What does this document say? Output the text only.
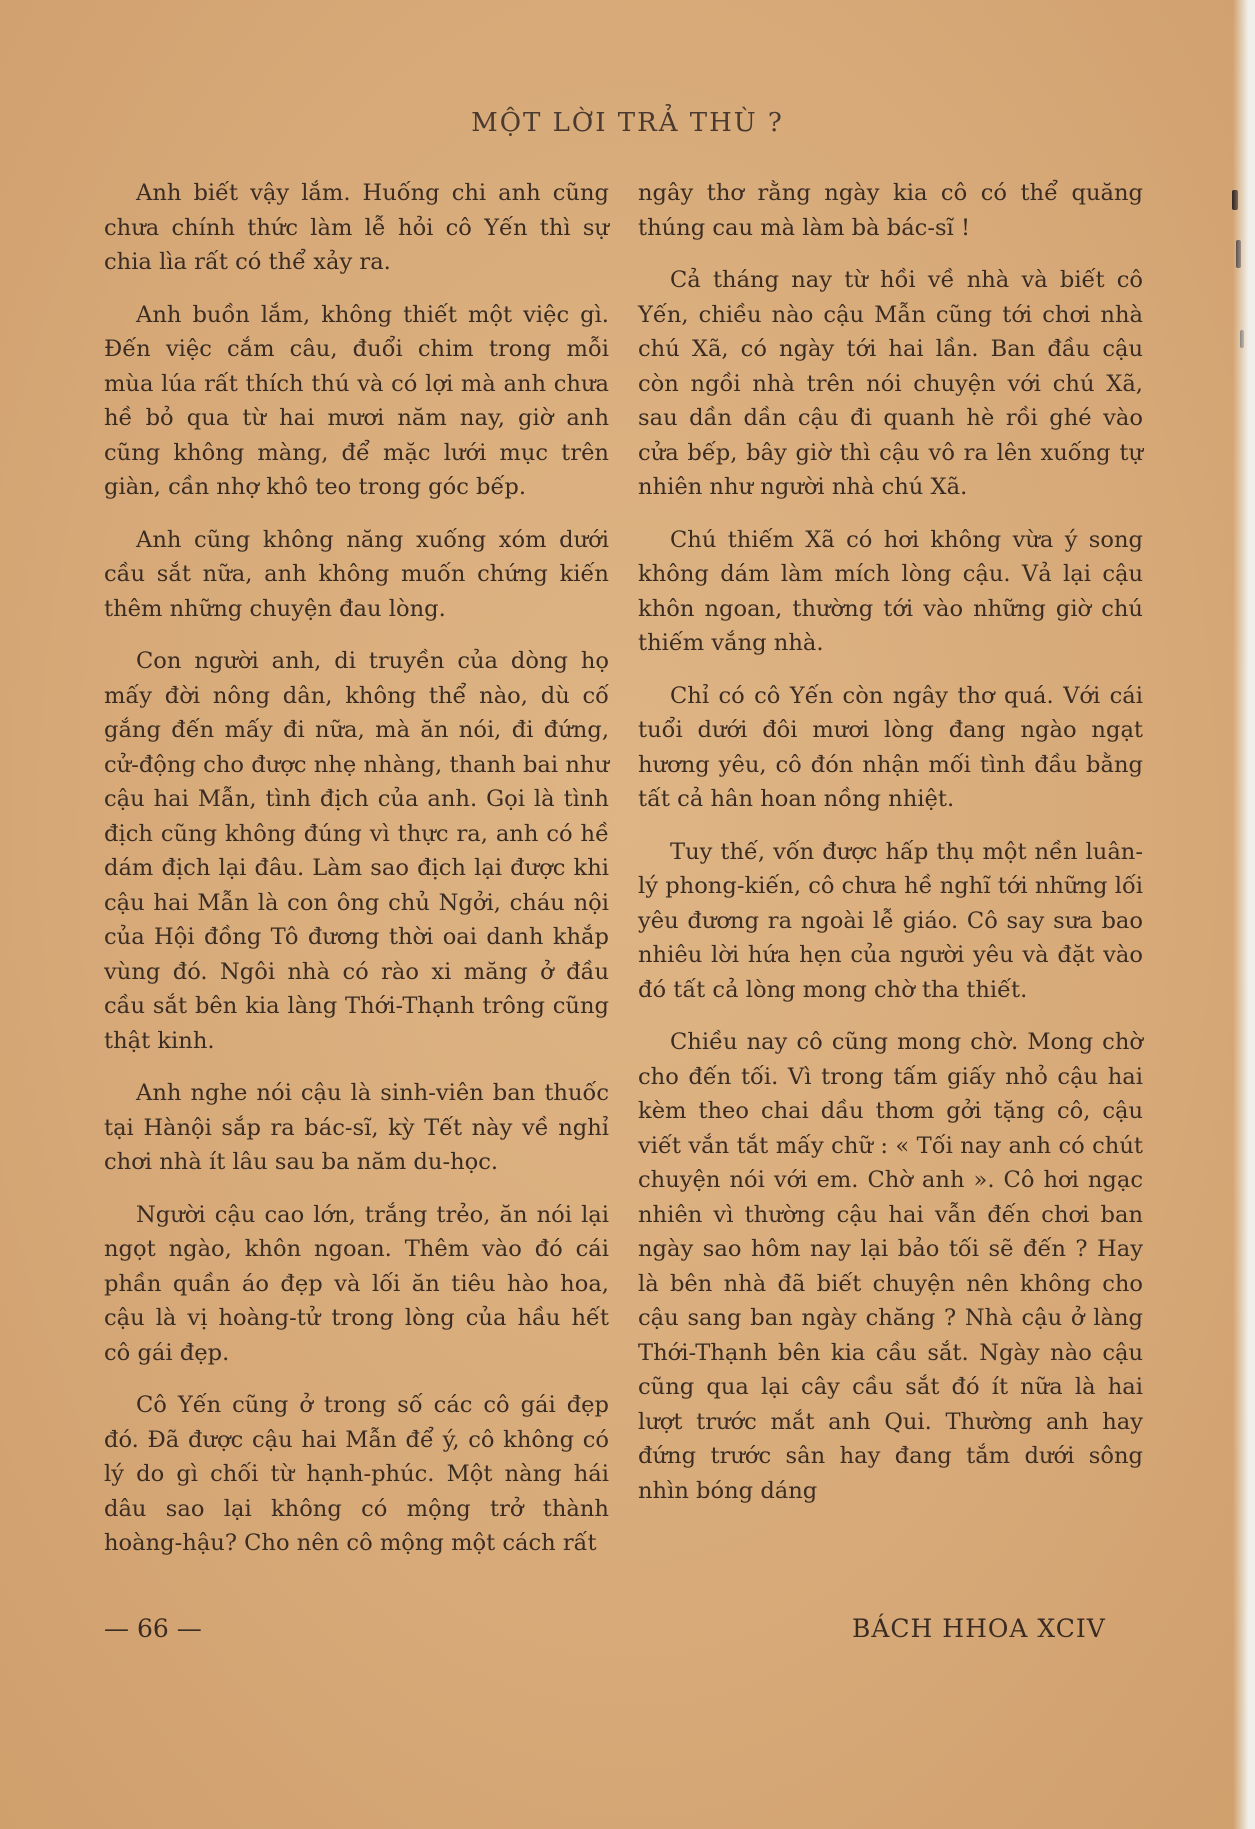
MỘT LỜI TRẢ THÙ ?

Anh biết vậy lắm. Huống chi anh cũng chưa chính thức làm lễ hỏi cô Yến thì sự chia lìa rất có thể xảy ra.

Anh buồn lắm, không thiết một việc gì. Đến việc cắm câu, đuổi chim trong mỗi mùa lúa rất thích thú và có lợi mà anh chưa hề bỏ qua từ hai mươi năm nay, giờ anh cũng không màng, để mặc lưới mục trên giàn, cần nhợ khô teo trong góc bếp.

Anh cũng không năng xuống xóm dưới cầu sắt nữa, anh không muốn chứng kiến thêm những chuyện đau lòng.

Con người anh, di truyền của dòng họ mấy đời nông dân, không thể nào, dù cố gắng đến mấy đi nữa, mà ăn nói, đi đứng, cử-động cho được nhẹ nhàng, thanh bai như cậu hai Mẫn, tình địch của anh. Gọi là tình địch cũng không đúng vì thực ra, anh có hề dám địch lại đâu. Làm sao địch lại được khi cậu hai Mẫn là con ông chủ Ngởi, cháu nội của Hội đồng Tô đương thời oai danh khắp vùng đó. Ngôi nhà có rào xi măng ở đầu cầu sắt bên kia làng Thới-Thạnh trông cũng thật kinh.

Anh nghe nói cậu là sinh-viên ban thuốc tại Hànội sắp ra bác-sĩ, kỳ Tết này về nghỉ chơi nhà ít lâu sau ba năm du-học.

Người cậu cao lớn, trắng trẻo, ăn nói lại ngọt ngào, khôn ngoan. Thêm vào đó cái phần quần áo đẹp và lối ăn tiêu hào hoa, cậu là vị hoàng-tử trong lòng của hầu hết cô gái đẹp.

Cô Yến cũng ở trong số các cô gái đẹp đó. Đã được cậu hai Mẫn để ý, cô không có lý do gì chối từ hạnh-phúc. Một nàng hái dâu sao lại không có mộng trở thành hoàng-hậu? Cho nên cô mộng một cách rất

ngây thơ rằng ngày kia cô có thể quăng thúng cau mà làm bà bác-sĩ !

Cả tháng nay từ hồi về nhà và biết cô Yến, chiều nào cậu Mẫn cũng tới chơi nhà chú Xã, có ngày tới hai lần. Ban đầu cậu còn ngồi nhà trên nói chuyện với chú Xã, sau dần dần cậu đi quanh hè rồi ghé vào cửa bếp, bây giờ thì cậu vô ra lên xuống tự nhiên như người nhà chú Xã.

Chú thiếm Xã có hơi không vừa ý song không dám làm mích lòng cậu. Vả lại cậu khôn ngoan, thường tới vào những giờ chú thiếm vắng nhà.

Chỉ có cô Yến còn ngây thơ quá. Với cái tuổi dưới đôi mươi lòng đang ngào ngạt hương yêu, cô đón nhận mối tình đầu bằng tất cả hân hoan nồng nhiệt.

Tuy thế, vốn được hấp thụ một nền luân-lý phong-kiến, cô chưa hề nghĩ tới những lối yêu đương ra ngoài lễ giáo. Cô say sưa bao nhiêu lời hứa hẹn của người yêu và đặt vào đó tất cả lòng mong chờ tha thiết.

Chiều nay cô cũng mong chờ. Mong chờ cho đến tối. Vì trong tấm giấy nhỏ cậu hai kèm theo chai dầu thơm gởi tặng cô, cậu viết vắn tắt mấy chữ : « Tối nay anh có chút chuyện nói với em. Chờ anh ». Cô hơi ngạc nhiên vì thường cậu hai vẫn đến chơi ban ngày sao hôm nay lại bảo tối sẽ đến ? Hay là bên nhà đã biết chuyện nên không cho cậu sang ban ngày chăng ? Nhà cậu ở làng Thới-Thạnh bên kia cầu sắt. Ngày nào cậu cũng qua lại cây cầu sắt đó ít nữa là hai lượt trước mắt anh Qui. Thường anh hay đứng trước sân hay đang tắm dưới sông nhìn bóng dáng

— 66 —	BÁCH HHOA XCIV
